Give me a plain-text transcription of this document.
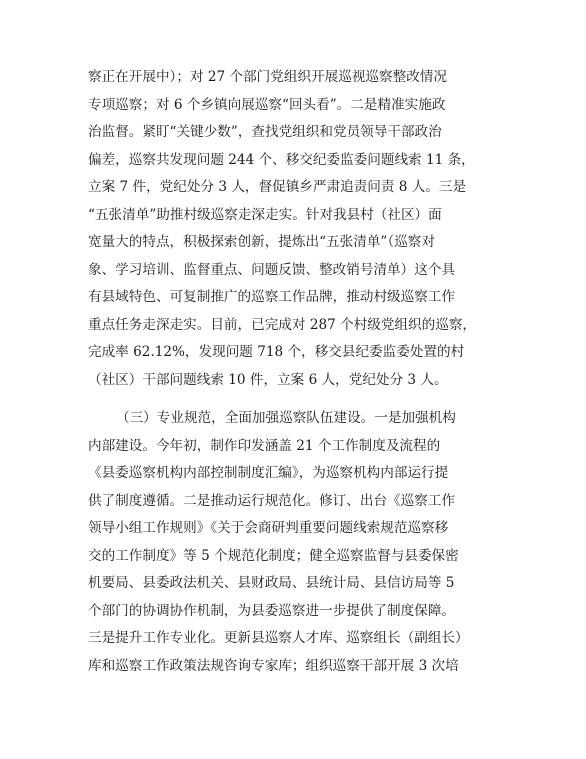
察正在开展中）；对 27 个部门党组织开展巡视巡察整改情况
专项巡察；对 6 个乡镇向展巡察“回头看”。二是精准实施政
治监督。紧盯“关键少数”，查找党组织和党员领导干部政治
偏差，巡察共发现问题 244 个、移交纪委监委问题线索 11 条，
立案 7 件，党纪处分 3 人，督促镇乡严肃追责问责 8 人。三是
“五张清单”助推村级巡察走深走实。针对我县村（社区）面
宽量大的特点，积极探索创新，提炼出“五张清单”（巡察对
象、学习培训、监督重点、问题反馈、整改销号清单）这个具
有县域特色、可复制推广的巡察工作品牌，推动村级巡察工作
重点任务走深走实。目前，已完成对 287 个村级党组织的巡察，
完成率 62.12%，发现问题 718 个，移交县纪委监委处置的村
（社区）干部问题线索 10 件，立案 6 人，党纪处分 3 人。
（三）专业规范，全面加强巡察队伍建设。一是加强机构
内部建设。今年初，制作印发涵盖 21 个工作制度及流程的
《县委巡察机构内部控制制度汇编》，为巡察机构内部运行提
供了制度遵循。二是推动运行规范化。修订、出台《巡察工作
领导小组工作规则》《关于会商研判重要问题线索规范巡察移
交的工作制度》等 5 个规范化制度；健全巡察监督与县委保密
机要局、县委政法机关、县财政局、县统计局、县信访局等 5
个部门的协调协作机制，为县委巡察进一步提供了制度保障。
三是提升工作专业化。更新县巡察人才库、巡察组长（副组长）
库和巡察工作政策法规咨询专家库；组织巡察干部开展 3 次培
